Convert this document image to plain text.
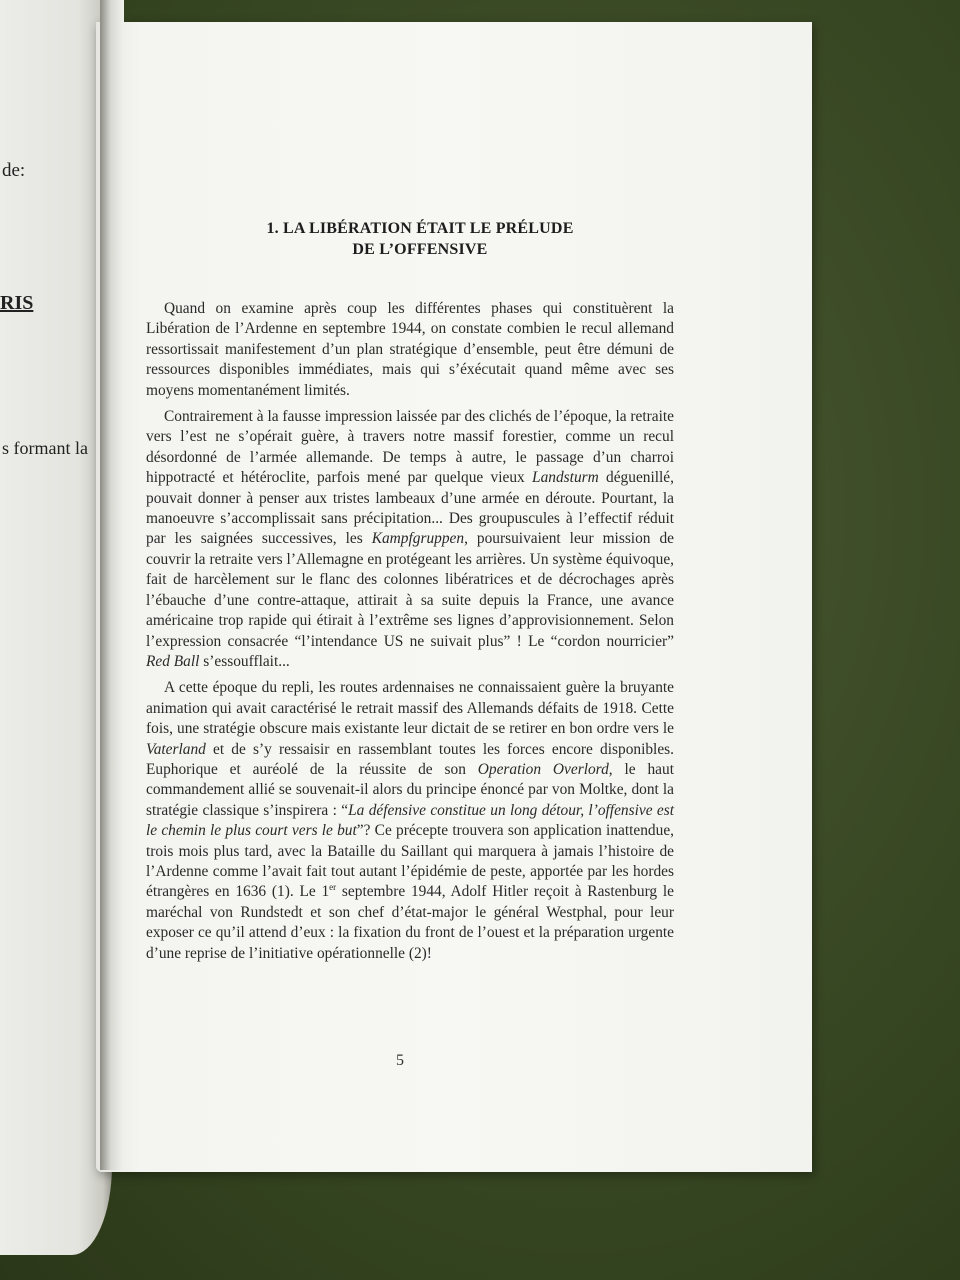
de:
RIS
s formant la
1. LA LIBÉRATION ÉTAIT LE PRÉLUDE
DE L’OFFENSIVE

Quand on examine après coup les différentes phases qui constituèrent la Libération de l’Ardenne en septembre 1944, on constate combien le recul allemand ressortissait manifestement d’un plan stratégique d’ensemble, peut être démuni de ressources disponibles immédiates, mais qui s’éxécutait quand même avec ses moyens momentanément limités.

Contrairement à la fausse impression laissée par des clichés de l’époque, la retraite vers l’est ne s’opérait guère, à travers notre massif forestier, comme un recul désordonné de l’armée allemande. De temps à autre, le passage d’un charroi hippotracté et hétéroclite, parfois mené par quelque vieux Landsturm déguenillé, pouvait donner à penser aux tristes lambeaux d’une armée en déroute. Pourtant, la manoeuvre s’accomplissait sans précipitation... Des groupuscules à l’effectif réduit par les saignées successives, les Kampfgruppen, poursuivaient leur mission de couvrir la retraite vers l’Allemagne en protégeant les arrières. Un système équivoque, fait de harcèlement sur le flanc des colonnes libératrices et de décrochages après l’ébauche d’une contre-attaque, attirait à sa suite depuis la France, une avance américaine trop rapide qui étirait à l’extrême ses lignes d’approvisionnement. Selon l’expression consacrée “l’intendance US ne suivait plus” ! Le “cordon nourricier” Red Ball s’essoufflait...

A cette époque du repli, les routes ardennaises ne connaissaient guère la bruyante animation qui avait caractérisé le retrait massif des Allemands défaits de 1918. Cette fois, une stratégie obscure mais existante leur dictait de se retirer en bon ordre vers le Vaterland et de s’y ressaisir en rassemblant toutes les forces encore disponibles. Euphorique et auréolé de la réussite de son Operation Overlord, le haut commandement allié se souvenait-il alors du principe énoncé par von Moltke, dont la stratégie classique s’inspirera : “La défensive constitue un long détour, l’offensive est le chemin le plus court vers le but”? Ce précepte trouvera son application inattendue, trois mois plus tard, avec la Bataille du Saillant qui marquera à jamais l’histoire de l’Ardenne comme l’avait fait tout autant l’épidémie de peste, apportée par les hordes étrangères en 1636 (1). Le 1er septembre 1944, Adolf Hitler reçoit à Rastenburg le maréchal von Rundstedt et son chef d’état-major le général Westphal, pour leur exposer ce qu’il attend d’eux : la fixation du front de l’ouest et la préparation urgente d’une reprise de l’initiative opérationnelle (2)!

5
